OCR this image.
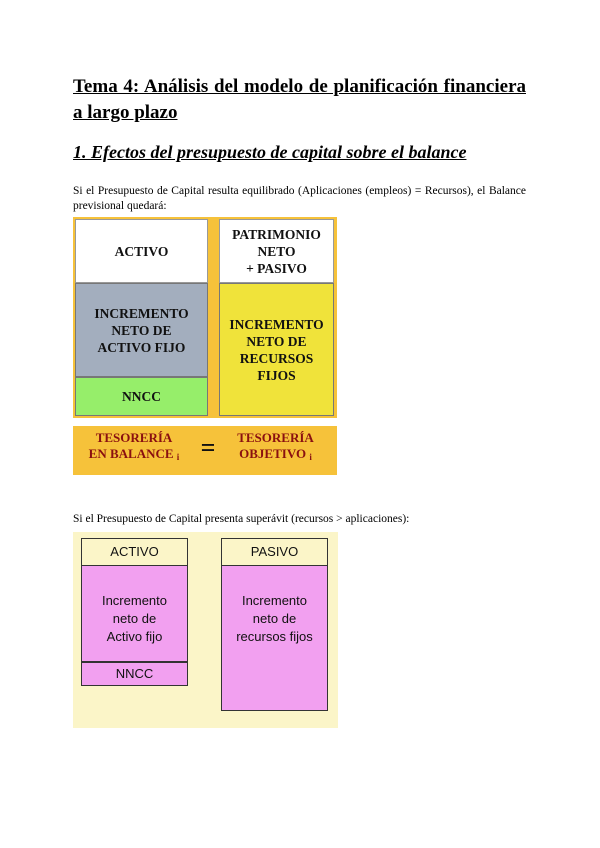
Tema 4: Análisis del modelo de planificación financiera a largo plazo
1. Efectos del presupuesto de capital sobre el balance

Si el Presupuesto de Capital resulta equilibrado (Aplicaciones (empleos) = Recursos), el Balance previsional quedará:

ACTIVO
INCREMENTO
NETO DE
ACTIVO FIJO
NNCC
PATRIMONIO
NETO
+ PASIVO
INCREMENTO
NETO DE
RECURSOS
FIJOS
TESORERÍA
EN BALANCE $_i$ =	TESORERÍA
OBJETIVO $_i$

Si el Presupuesto de Capital presenta superávit (recursos > aplicaciones):

ACTIVO
Incremento
neto de
Activo fijo
NNCC
PASIVO
Incremento
neto de
recursos fijos
